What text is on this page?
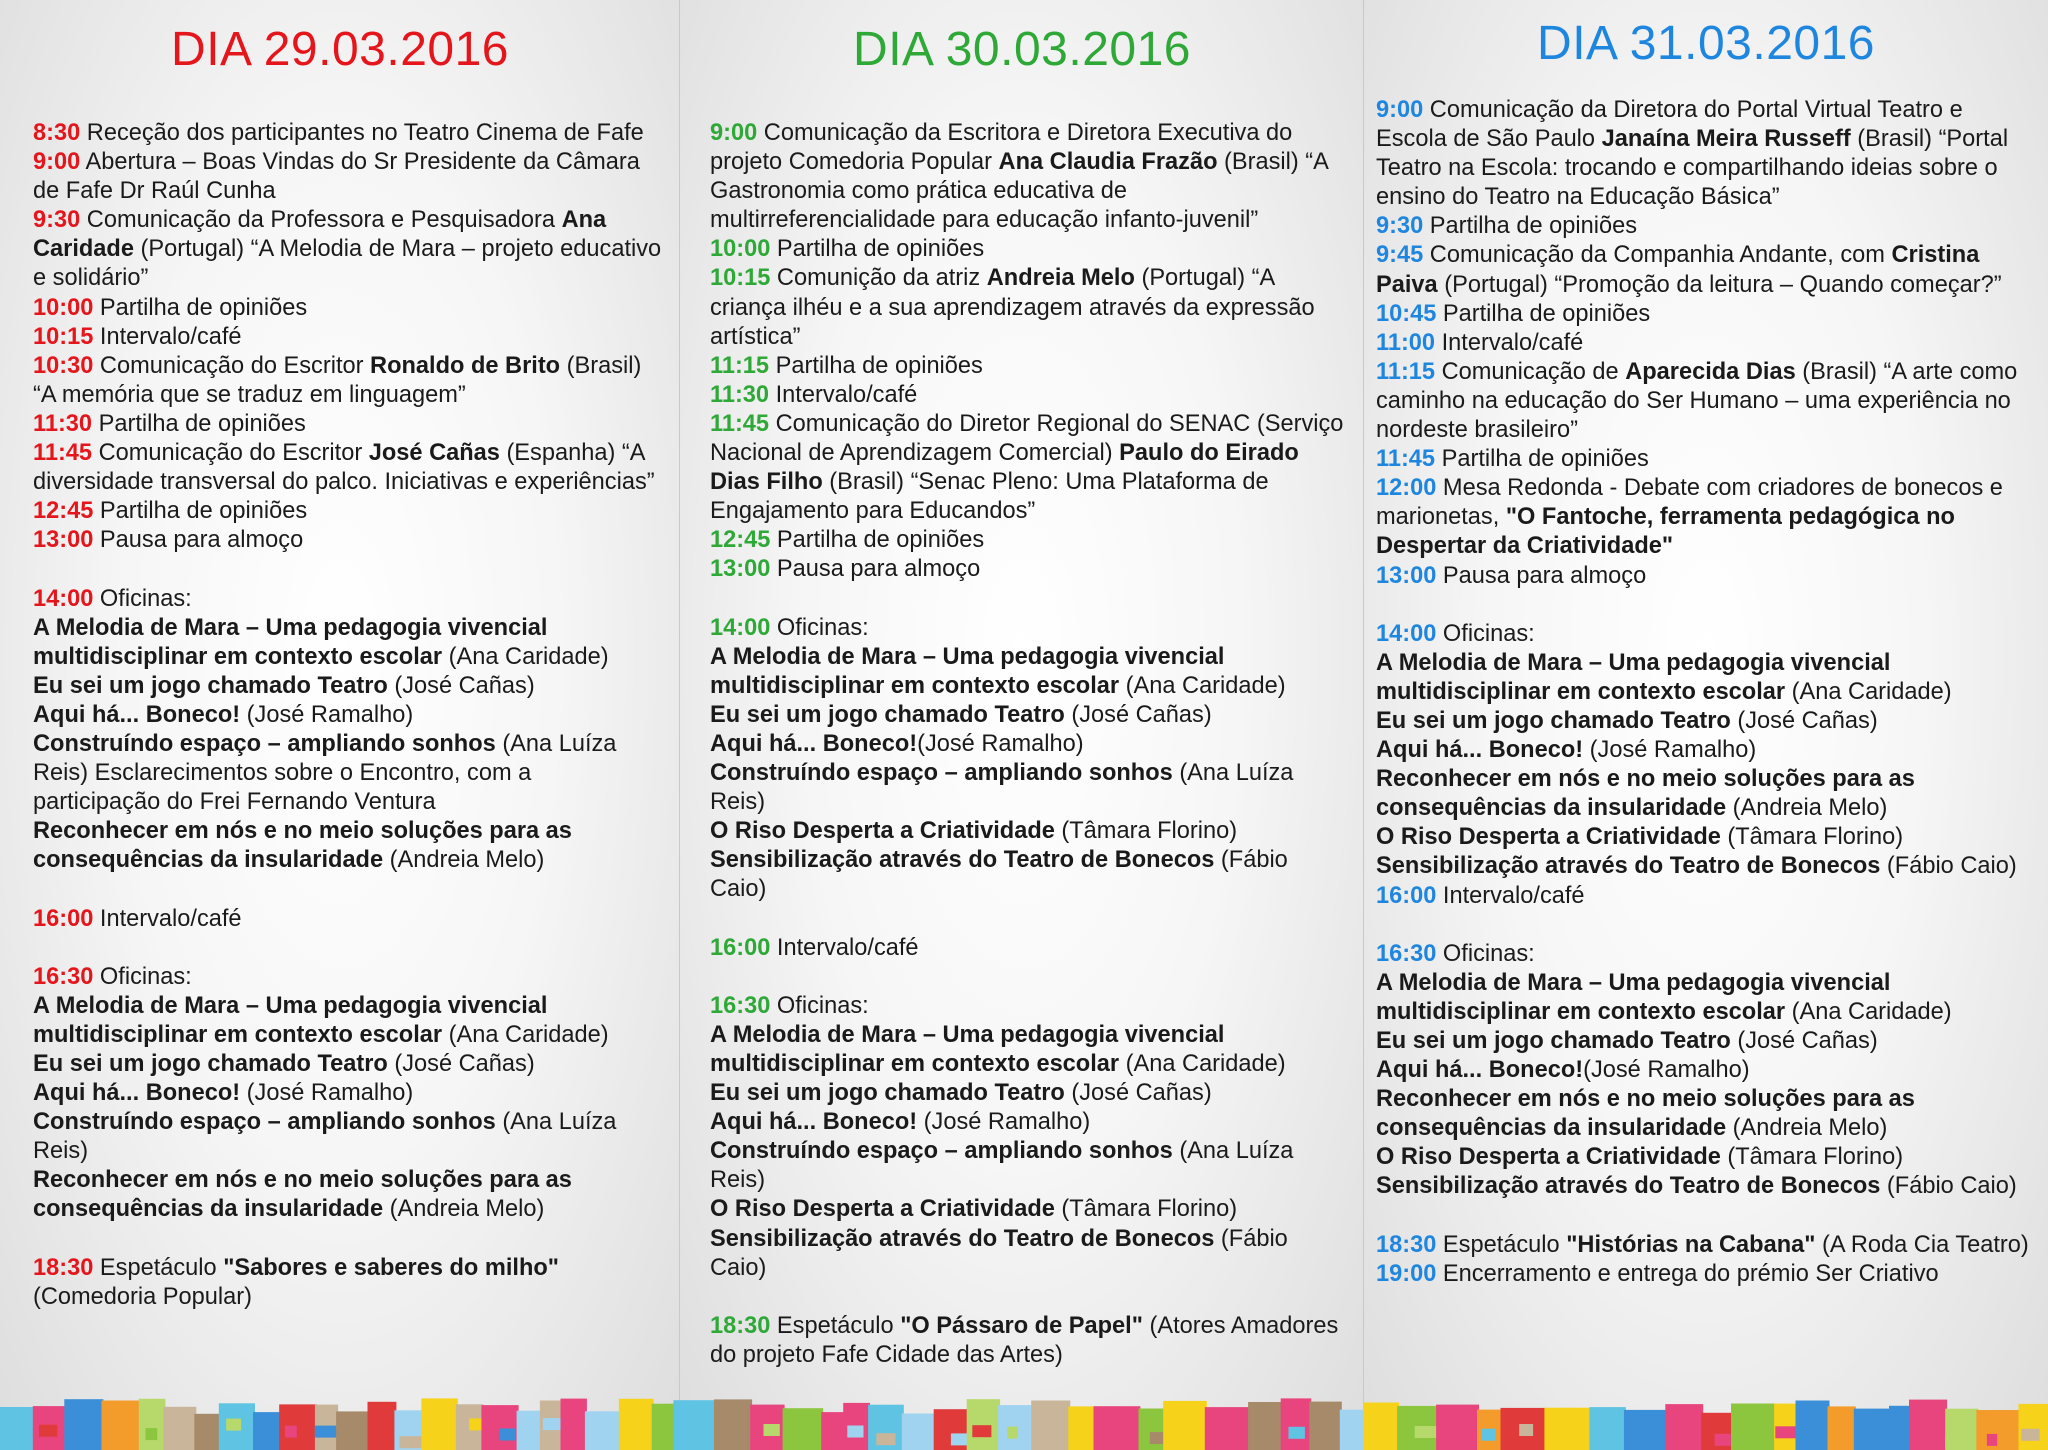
DIA 29.03.2016

8:30 Receção dos participantes no Teatro Cinema de Fafe

9:00 Abertura – Boas Vindas do Sr Presidente da Câmara de Fafe Dr Raúl Cunha

9:30 Comunicação da Professora e Pesquisadora Ana Caridade (Portugal) “A Melodia de Mara – projeto educativo e solidário”

10:00 Partilha de opiniões

10:15 Intervalo/café

10:30 Comunicação do Escritor Ronaldo de Brito (Brasil) “A memória que se traduz em linguagem”

11:30 Partilha de opiniões

11:45 Comunicação do Escritor José Cañas (Espanha) “A diversidade transversal do palco. Iniciativas e experiências”

12:45 Partilha de opiniões

13:00 Pausa para almoço

14:00 Oficinas:

A Melodia de Mara – Uma pedagogia vivencial multidisciplinar em contexto escolar (Ana Caridade)

Eu sei um jogo chamado Teatro (José Cañas)

Aqui há... Boneco! (José Ramalho)

Construíndo espaço – ampliando sonhos (Ana Luíza Reis) Esclarecimentos sobre o Encontro, com a participação do Frei Fernando Ventura

Reconhecer em nós e no meio soluções para as consequências da insularidade (Andreia Melo)

16:00 Intervalo/café

16:30 Oficinas:

A Melodia de Mara – Uma pedagogia vivencial multidisciplinar em contexto escolar (Ana Caridade)

Eu sei um jogo chamado Teatro (José Cañas)

Aqui há... Boneco! (José Ramalho)

Construíndo espaço – ampliando sonhos (Ana Luíza Reis)

Reconhecer em nós e no meio soluções para as consequências da insularidade (Andreia Melo)

18:30 Espetáculo "Sabores e saberes do milho" (Comedoria Popular)

DIA 30.03.2016

9:00 Comunicação da Escritora e Diretora Executiva do projeto Comedoria Popular Ana Claudia Frazão (Brasil) “A Gastronomia como prática educativa de multirreferencialidade para educação infanto-juvenil”

10:00 Partilha de opiniões

10:15 Comunição da atriz Andreia Melo (Portugal) “A criança ilhéu e a sua aprendizagem através da expressão artística”

11:15 Partilha de opiniões

11:30 Intervalo/café

11:45 Comunicação do Diretor Regional do SENAC (Serviço Nacional de Aprendizagem Comercial) Paulo do Eirado Dias Filho (Brasil) “Senac Pleno: Uma Plataforma de Engajamento para Educandos”

12:45 Partilha de opiniões

13:00 Pausa para almoço

14:00 Oficinas:

A Melodia de Mara – Uma pedagogia vivencial multidisciplinar em contexto escolar (Ana Caridade)

Eu sei um jogo chamado Teatro (José Cañas)

Aqui há... Boneco!(José Ramalho)

Construíndo espaço – ampliando sonhos (Ana Luíza Reis)

O Riso Desperta a Criatividade (Tâmara Florino)

Sensibilização através do Teatro de Bonecos (Fábio Caio)

16:00 Intervalo/café

16:30 Oficinas:

A Melodia de Mara – Uma pedagogia vivencial multidisciplinar em contexto escolar (Ana Caridade)

Eu sei um jogo chamado Teatro (José Cañas)

Aqui há... Boneco! (José Ramalho)

Construíndo espaço – ampliando sonhos (Ana Luíza Reis)

O Riso Desperta a Criatividade (Tâmara Florino)

Sensibilização através do Teatro de Bonecos (Fábio Caio)

18:30 Espetáculo "O Pássaro de Papel" (Atores Amadores do projeto Fafe Cidade das Artes)

DIA 31.03.2016

9:00 Comunicação da Diretora do Portal Virtual Teatro e Escola de São Paulo Janaína Meira Russeff (Brasil) “Portal Teatro na Escola: trocando e compartilhando ideias sobre o ensino do Teatro na Educação Básica”

9:30 Partilha de opiniões

9:45 Comunicação da Companhia Andante, com Cristina Paiva (Portugal) “Promoção da leitura – Quando começar?”

10:45 Partilha de opiniões

11:00 Intervalo/café

11:15 Comunicação de Aparecida Dias (Brasil) “A arte como caminho na educação do Ser Humano – uma experiência no nordeste brasileiro”

11:45 Partilha de opiniões

12:00 Mesa Redonda - Debate com criadores de bonecos e marionetas, "O Fantoche, ferramenta pedagógica no Despertar da Criatividade"

13:00 Pausa para almoço

14:00 Oficinas:

A Melodia de Mara – Uma pedagogia vivencial multidisciplinar em contexto escolar (Ana Caridade)

Eu sei um jogo chamado Teatro (José Cañas)

Aqui há... Boneco! (José Ramalho)

Reconhecer em nós e no meio soluções para as consequências da insularidade (Andreia Melo)

O Riso Desperta a Criatividade (Tâmara Florino)

Sensibilização através do Teatro de Bonecos (Fábio Caio)

16:00 Intervalo/café

16:30 Oficinas:

A Melodia de Mara – Uma pedagogia vivencial multidisciplinar em contexto escolar (Ana Caridade)

Eu sei um jogo chamado Teatro (José Cañas)

Aqui há... Boneco!(José Ramalho)

Reconhecer em nós e no meio soluções para as consequências da insularidade (Andreia Melo)

O Riso Desperta a Criatividade (Tâmara Florino)

Sensibilização através do Teatro de Bonecos (Fábio Caio)

18:30 Espetáculo "Histórias na Cabana" (A Roda Cia Teatro)

19:00 Encerramento e entrega do prémio Ser Criativo
